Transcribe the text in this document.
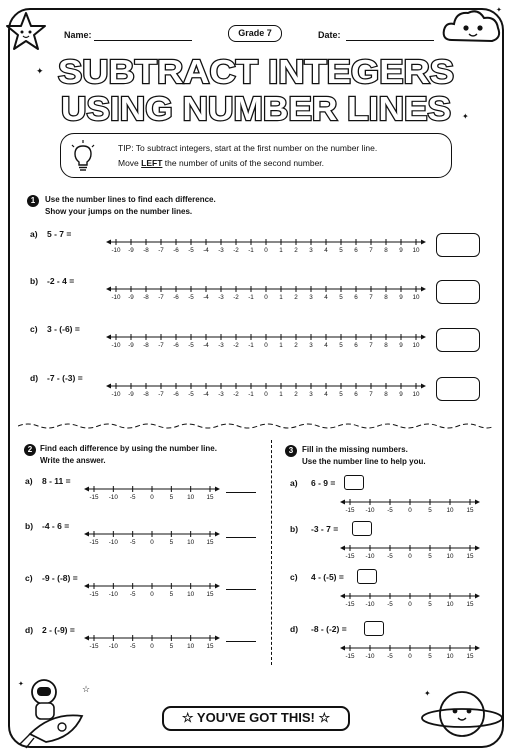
✦
Name:	Grade 7	Date:
SUBTRACT INTEGERS
USING NUMBER LINES
✦
✦
TIP: To subtract integers, start at the first number on the number line.
Move LEFT the number of units of the second number.
1	Use the number lines to find each difference.
Show your jumps on the number lines.
a) 5 - 7 =
-10 -9 -8 -7 -6 -5 -4 -3 -2 -1 0 1 2 3 4 5 6 7 8 9 10
b) -2 - 4 =
-10 -9 -8 -7 -6 -5 -4 -3 -2 -1 0 1 2 3 4 5 6 7 8 9 10
c) 3 - (-6) =
-10 -9 -8 -7 -6 -5 -4 -3 -2 -1 0 1 2 3 4 5 6 7 8 9 10
d) -7 - (-3) =
-10 -9 -8 -7 -6 -5 -4 -3 -2 -1 0 1 2 3 4 5 6 7 8 9 10
2 Find each difference by using the number line.
Write the answer.
a) 8 - 11 =
-15 -10 -5 0	5 10 15
b) -4 - 6 =
-15 -10 -5 0	5 10 15
c) -9 - (-8) =
-15 -10 -5 0	5 10 15
d) 2 - (-9) =
-15 -10 -5 0	5 10 15
3	Fill in the missing numbers.
Use the number line to help you.
a) 6 - 9 =
-15 -10 -5 0	5 10 15
b) -3 - 7 =
-15 -10 -5 0	5 10 15
c) 4 - (-5) =
-15 -10 -5 0	5 10 15
d) -8 - (-2) =
-15 -10 -5 0	5 10 15
☆
✦
✦
☆ YOU'VE GOT THIS! ☆
